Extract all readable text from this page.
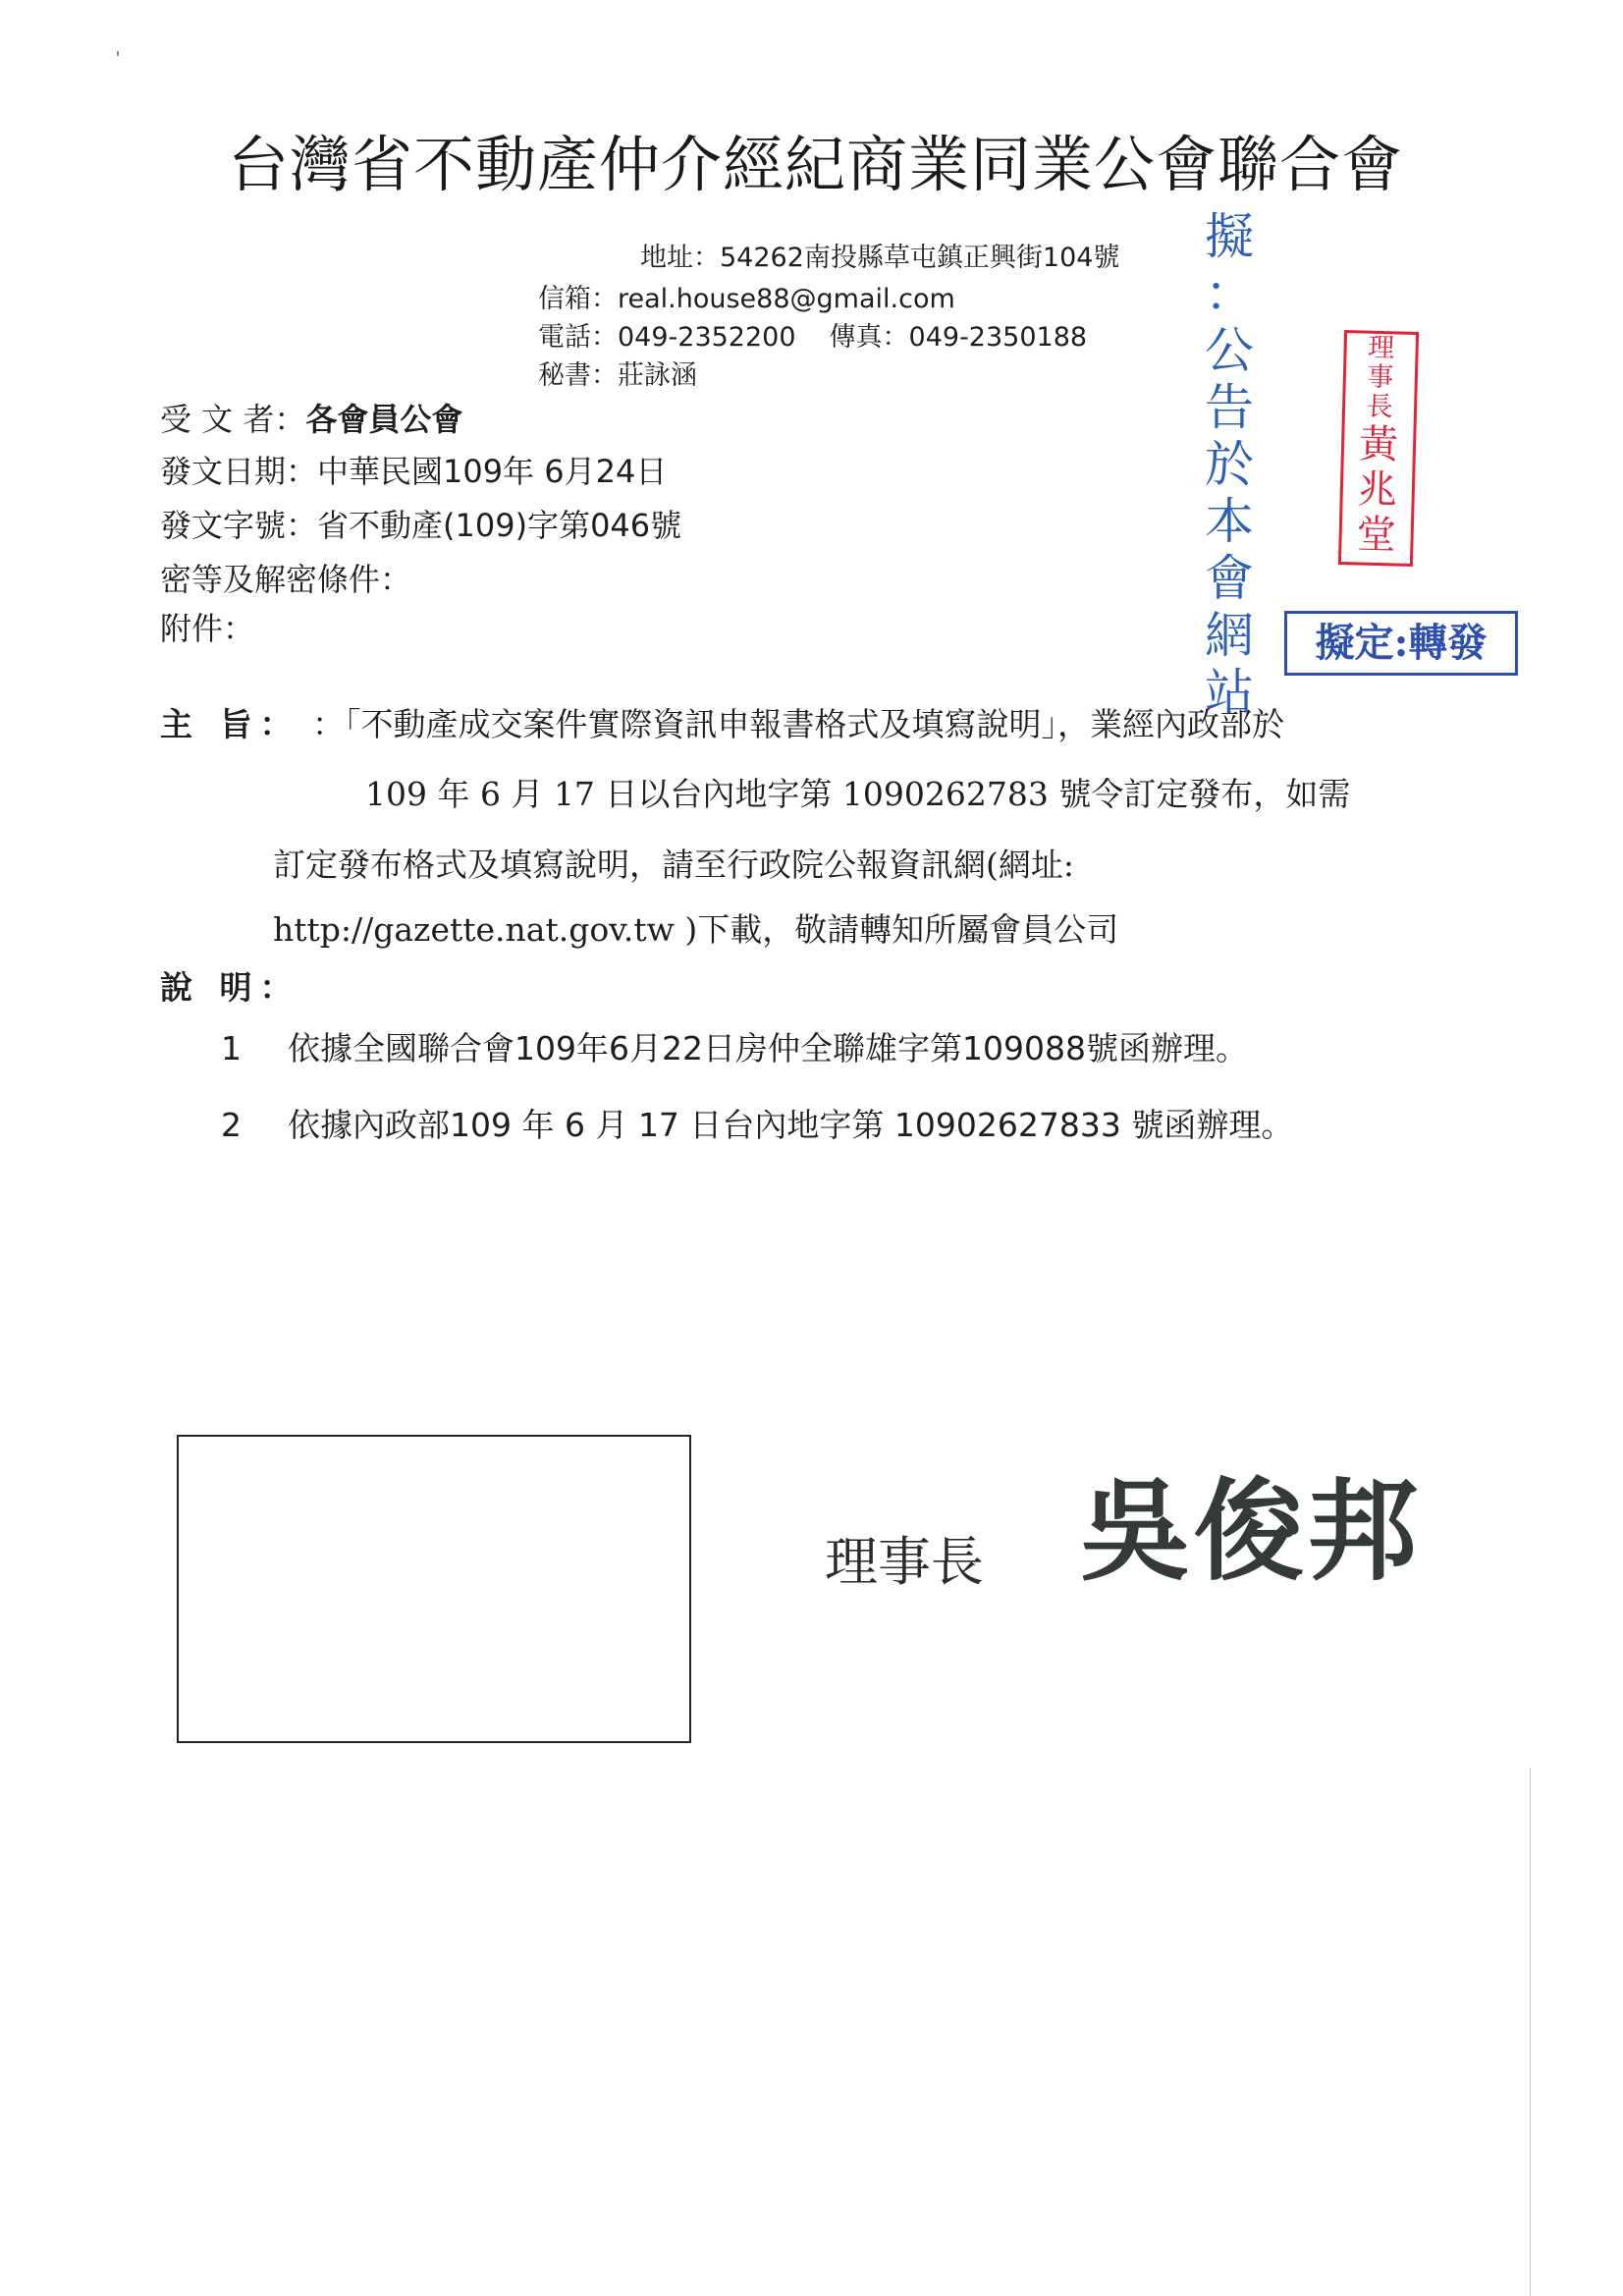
台灣省不動產仲介經紀商業同業公會聯合會
地址：54262南投縣草屯鎮正興街104號
信箱：real.house88@gmail.com
電話：049-2352200 傳真：049-2350188
秘書：莊詠涵
受 文 者：各會員公會
發文日期：中華民國109年 6月24日
發文字號：省不動產(109)字第046號
密等及解密條件：
附件：
主 旨： ：「不動產成交案件實際資訊申報書格式及填寫說明」，業經內政部於
109 年 6 月 17 日以台內地字第 1090262783 號令訂定發布，如需
訂定發布格式及填寫說明，請至行政院公報資訊網(網址:
http://gazette.nat.gov.tw )下載，敬請轉知所屬會員公司
說 明：
1 依據全國聯合會109年6月22日房仲全聯雄字第109088號函辦理。
2 依據內政部109 年 6 月 17 日台內地字第 10902627833 號函辦理。
擬
：
公
告
於
本
會
網
站
理
事
長
黃
兆
堂
擬定:轉發
理事長 吳俊邦
